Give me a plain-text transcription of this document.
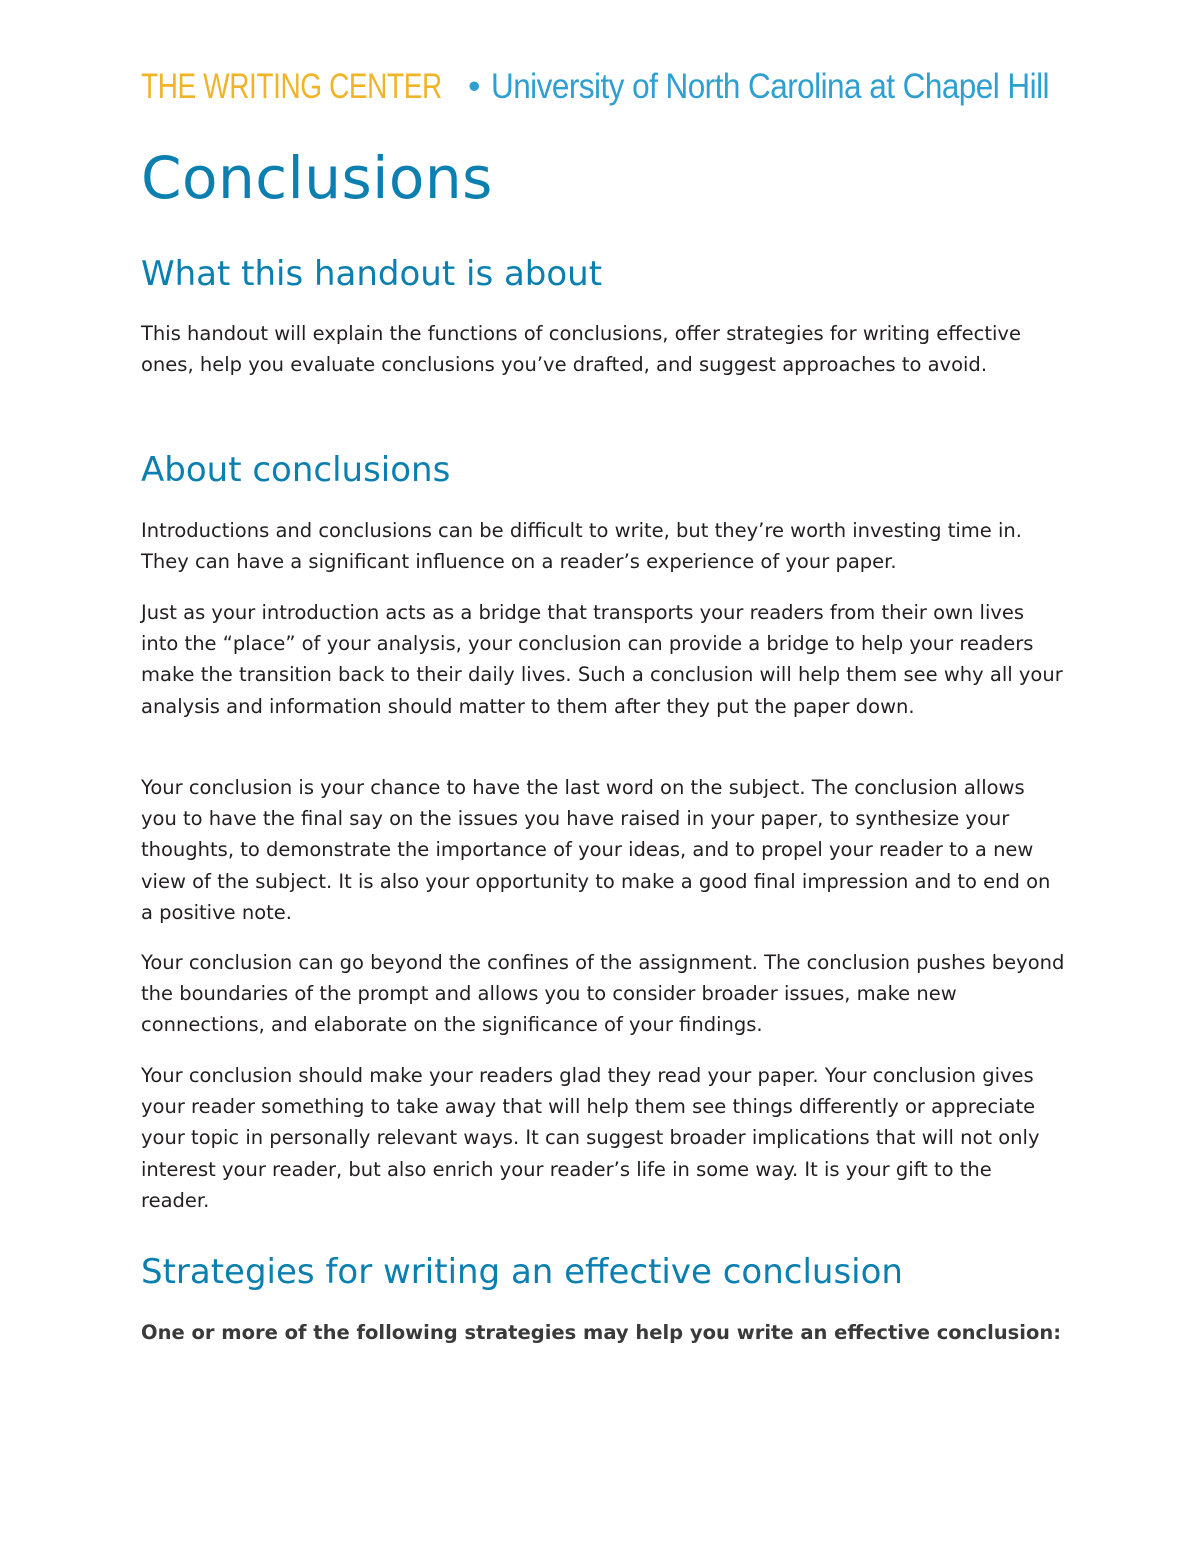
THE WRITING CENTER • University of North Carolina at Chapel Hill
Conclusions
What this handout is about

This handout will explain the functions of conclusions, offer strategies for writing effective ones, help you evaluate conclusions you’ve drafted, and suggest approaches to avoid.

About conclusions

Introductions and conclusions can be difficult to write, but they’re worth investing time in. They can have a significant influence on a reader’s experience of your paper.

Just as your introduction acts as a bridge that transports your readers from their own lives into the “place” of your analysis, your conclusion can provide a bridge to help your readers make the transition back to their daily lives. Such a conclusion will help them see why all your analysis and information should matter to them after they put the paper down.

Your conclusion is your chance to have the last word on the subject. The conclusion allows you to have the final say on the issues you have raised in your paper, to synthesize your thoughts, to demonstrate the importance of your ideas, and to propel your reader to a new view of the subject. It is also your opportunity to make a good final impression and to end on a positive note.

Your conclusion can go beyond the confines of the assignment. The conclusion pushes beyond the boundaries of the prompt and allows you to consider broader issues, make new connections, and elaborate on the significance of your findings.

Your conclusion should make your readers glad they read your paper. Your conclusion gives your reader something to take away that will help them see things differently or appreciate your topic in personally relevant ways. It can suggest broader implications that will not only interest your reader, but also enrich your reader’s life in some way. It is your gift to the reader.

Strategies for writing an effective conclusion

One or more of the following strategies may help you write an effective conclusion:
